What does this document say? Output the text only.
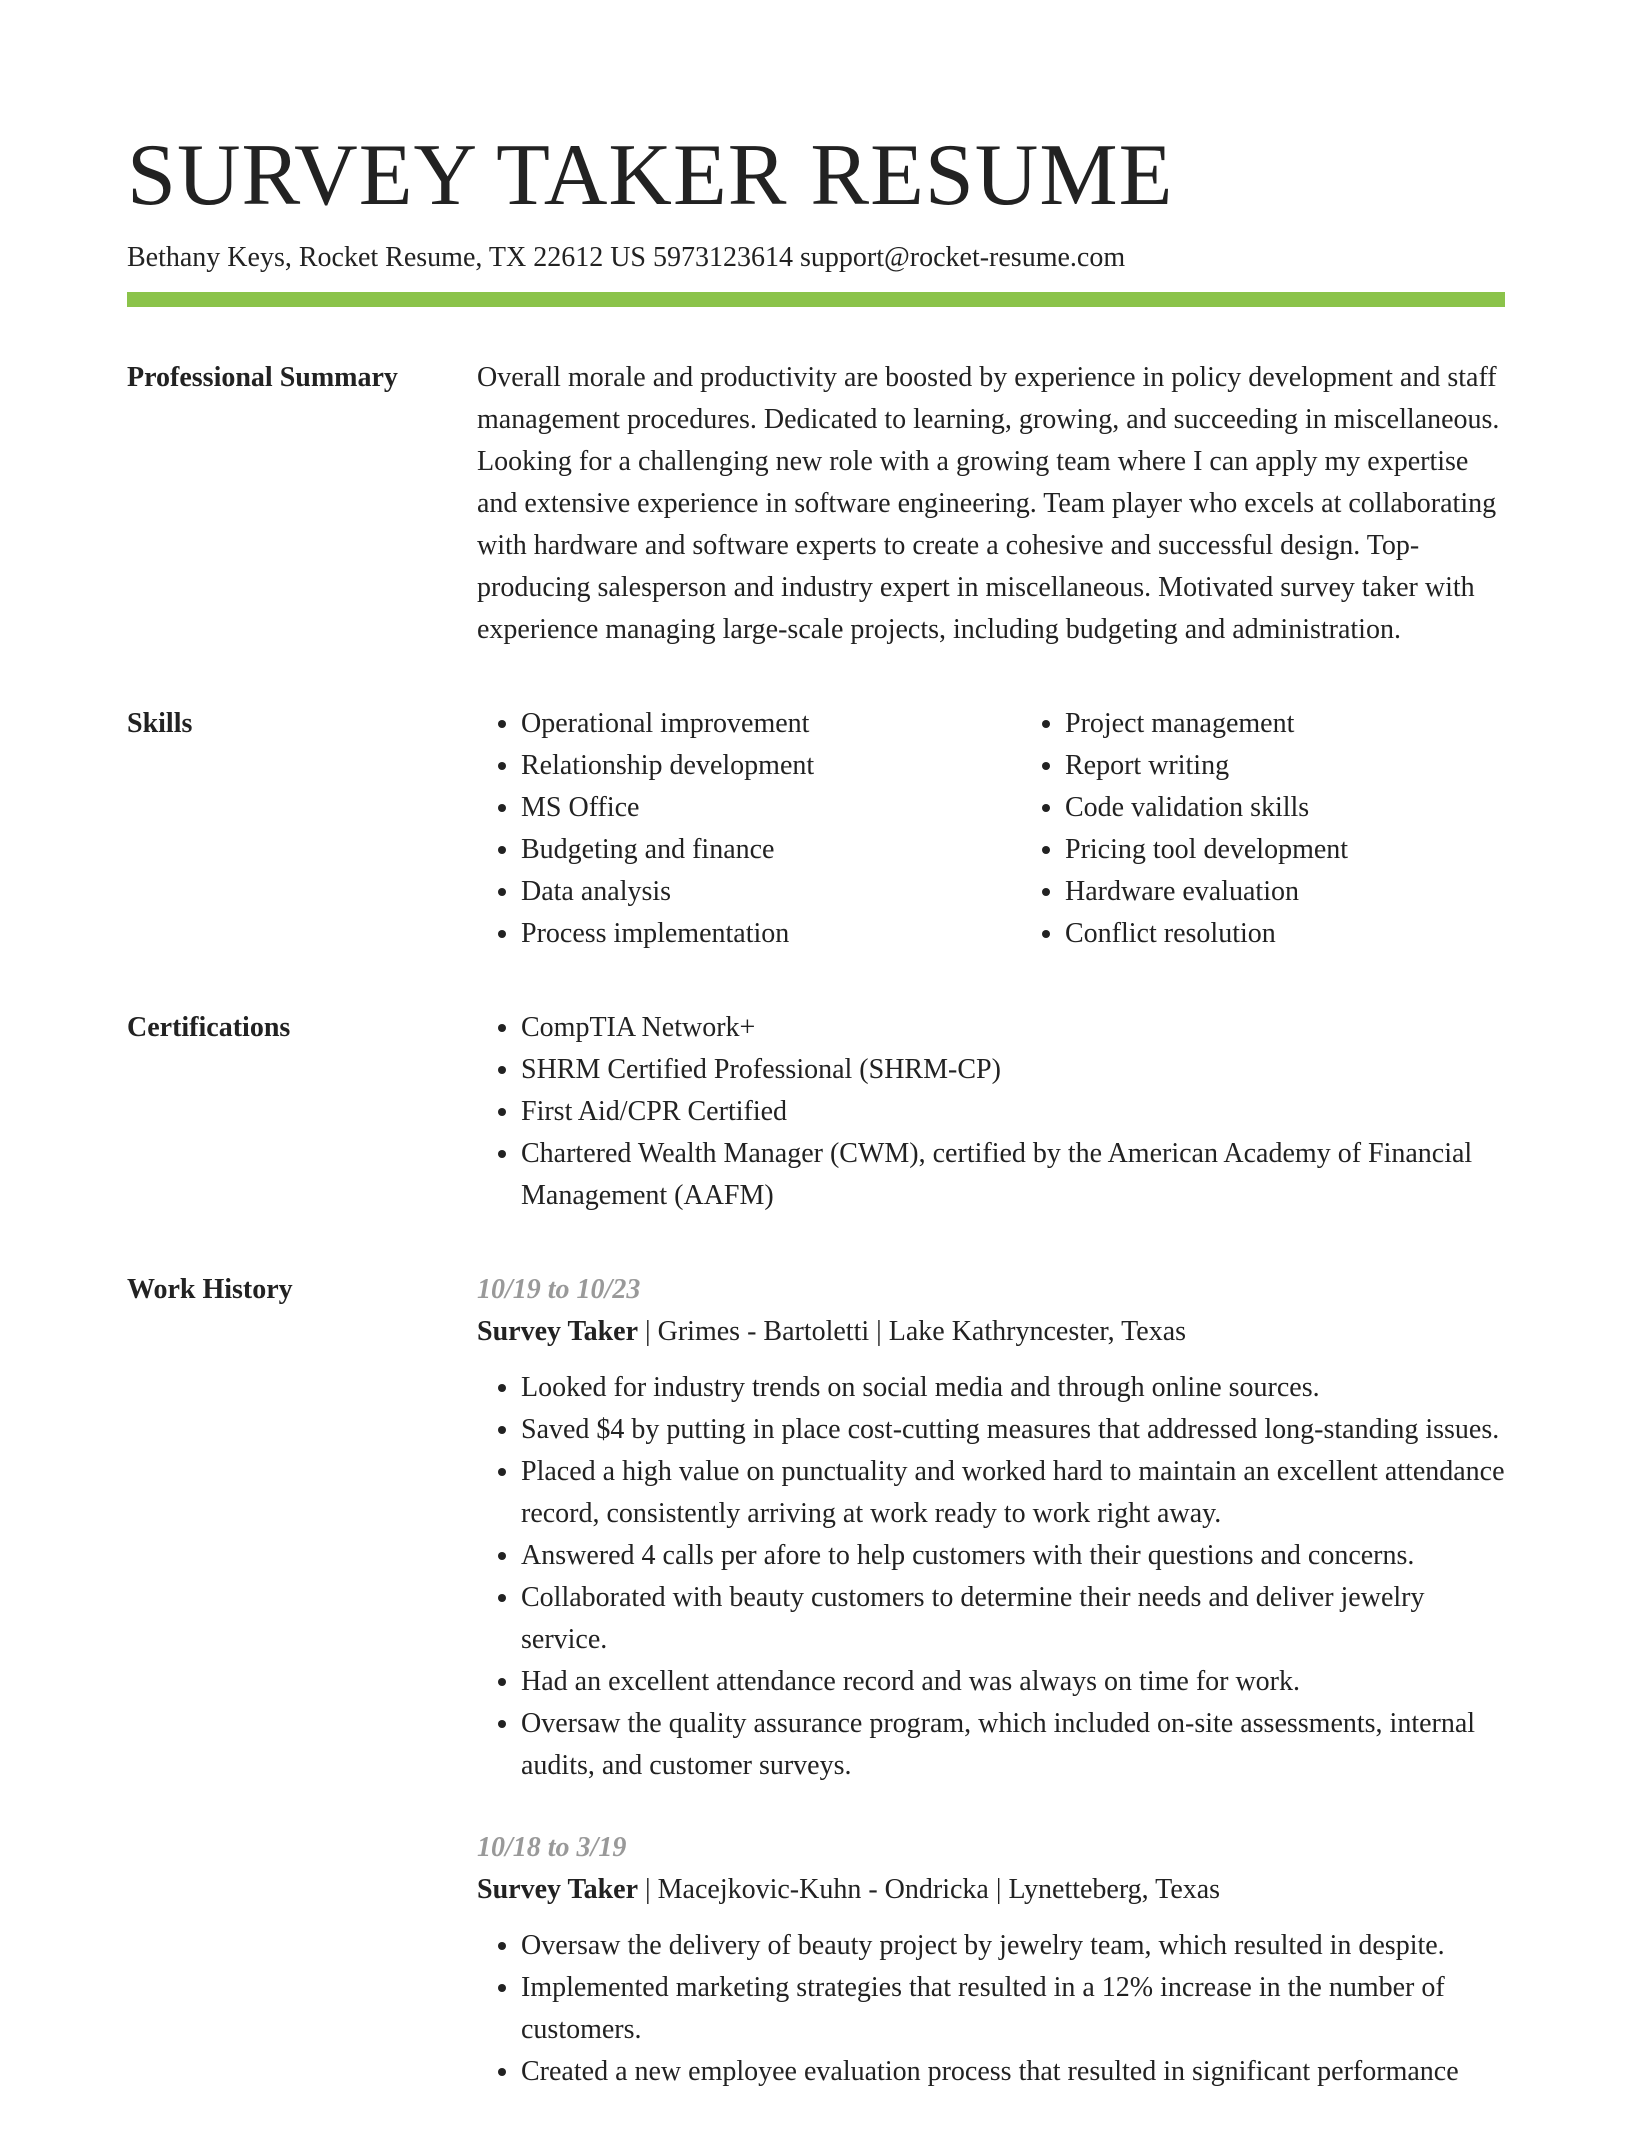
SURVEY TAKER RESUME
Bethany Keys, Rocket Resume, TX 22612 US 5973123614 support@rocket-resume.com
Professional Summary	Overall morale and productivity are boosted by experience in policy development and staff management procedures. Dedicated to learning, growing, and succeeding in miscellaneous. Looking for a challenging new role with a growing team where I can apply my expertise and extensive experience in software engineering. Team player who excels at collaborating with hardware and software experts to create a cohesive and successful design. Top-producing salesperson and industry expert in miscellaneous. Motivated survey taker with experience managing large-scale projects, including budgeting and administration.

Skills	• Operational improvement
• Relationship development
• MS Office
• Budgeting and finance
• Data analysis
• Process implementation
• Project management
• Report writing
• Code validation skills
• Pricing tool development
• Hardware evaluation
• Conflict resolution
Certifications	• CompTIA Network+
• SHRM Certified Professional (SHRM-CP)
• First Aid/CPR Certified
• Chartered Wealth Manager (CWM), certified by the American Academy of Financial Management (AAFM)
Work History	10/19 to 10/23
Survey Taker | Grimes - Bartoletti | Lake Kathryncester, Texas
• Looked for industry trends on social media and through online sources.
• Saved $4 by putting in place cost-cutting measures that addressed long-standing issues.
• Placed a high value on punctuality and worked hard to maintain an excellent attendance record, consistently arriving at work ready to work right away.
• Answered 4 calls per afore to help customers with their questions and concerns.
• Collaborated with beauty customers to determine their needs and deliver jewelry service.
• Had an excellent attendance record and was always on time for work.
• Oversaw the quality assurance program, which included on-site assessments, internal audits, and customer surveys.
10/18 to 3/19
Survey Taker | Macejkovic-Kuhn - Ondricka | Lynetteberg, Texas
• Oversaw the delivery of beauty project by jewelry team, which resulted in despite.
• Implemented marketing strategies that resulted in a 12% increase in the number of customers.
• Created a new employee evaluation process that resulted in significant performance
